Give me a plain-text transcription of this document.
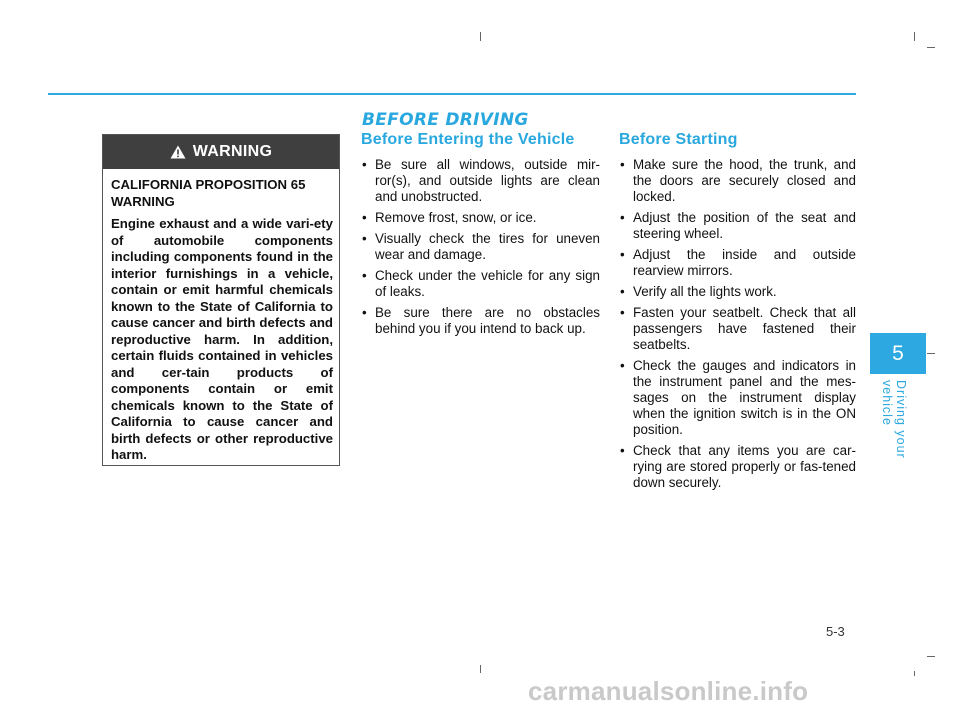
BEFORE DRIVING
WARNING

CALIFORNIA PROPOSITION 65 WARNING

Engine exhaust and a wide vari-ety of automobile components including components found in the interior furnishings in a vehicle, contain or emit harmful chemicals known to the State of California to cause cancer and birth defects and reproductive harm. In addition, certain fluids contained in vehicles and cer-tain products of components contain or emit chemicals known to the State of California to cause cancer and birth defects or other reproductive harm.

Before Entering the Vehicle
• Be sure all windows, outside mir-ror(s), and outside lights are clean and unobstructed.
• Remove frost, snow, or ice.
• Visually check the tires for uneven wear and damage.
• Check under the vehicle for any sign of leaks.
• Be sure there are no obstacles behind you if you intend to back up.
Before Starting
• Make sure the hood, the trunk, and the doors are securely closed and locked.
• Adjust the position of the seat and steering wheel.
• Adjust the inside and outside rearview mirrors.
• Verify all the lights work.
• Fasten your seatbelt. Check that all passengers have fastened their seatbelts.
• Check the gauges and indicators in the instrument panel and the mes-sages on the instrument display when the ignition switch is in the ON position.
• Check that any items you are car-rying are stored properly or fas-tened down securely.
5
Driving your vehicle
5-3
carmanualsonline.info
